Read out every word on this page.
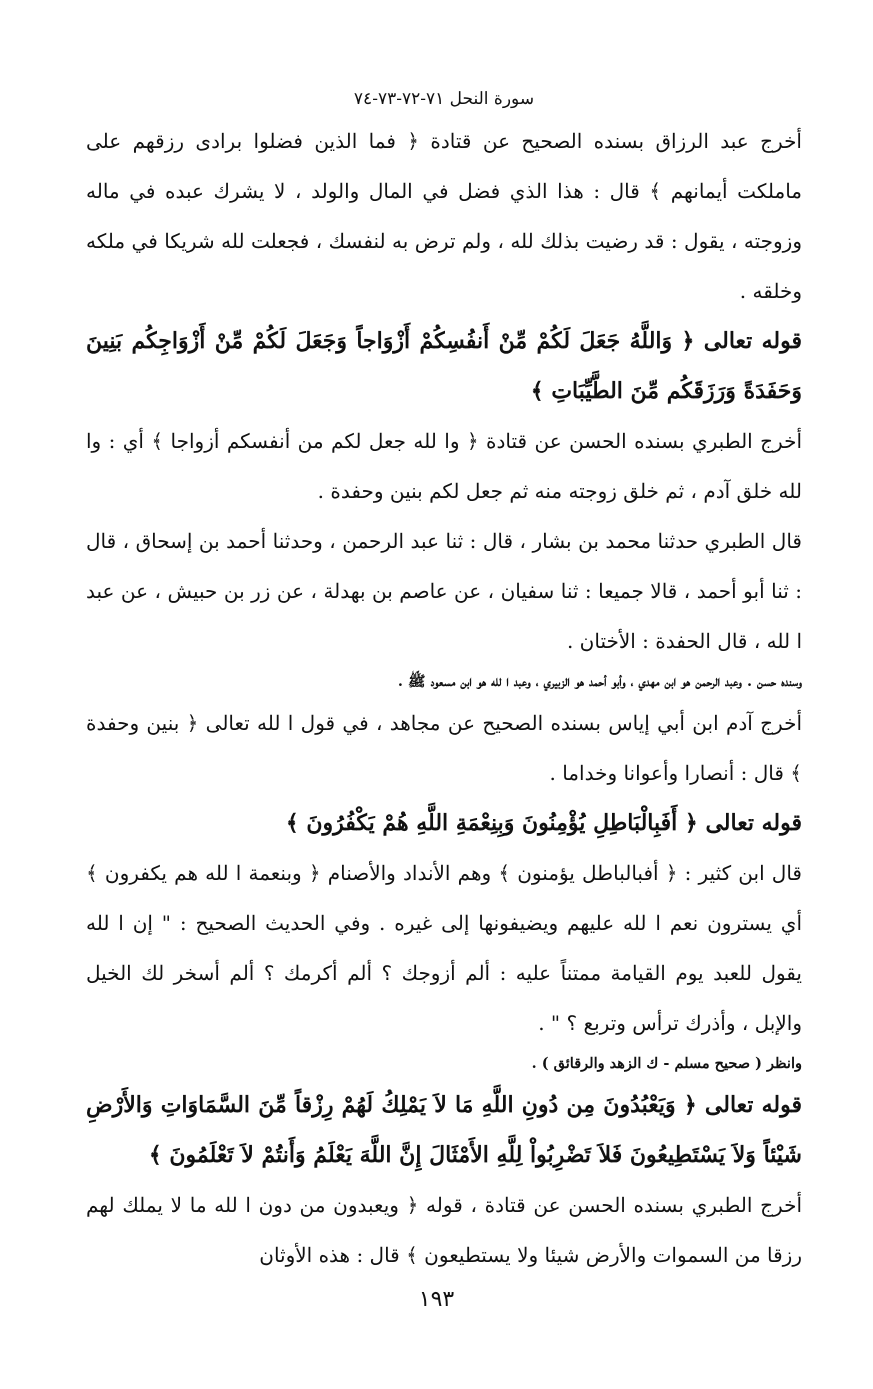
سورة النحل ٧١-٧٢-٧٣-٧٤

أخرج عبد الرزاق بسنده الصحيح عن قتادة ﴿ فما الذين فضلوا برادى رزقهم على ماملكت أيمانهم ﴾ قال : هذا الذي فضل في المال والولد ، لا يشرك عبده في ماله وزوجته ، يقول : قد رضيت بذلك لله ، ولم ترض به لنفسك ، فجعلت لله شريكا في ملكه وخلقه .

قوله تعالى ﴿ وَاللَّهُ جَعَلَ لَكُمْ مِّنْ أَنفُسِكُمْ أَزْوَاجاً وَجَعَلَ لَكُمْ مِّنْ أَزْوَاجِكُم بَنِينَ وَحَفَدَةً وَرَزَقَكُم مِّنَ الطَّيِّبَاتِ ﴾

أخرج الطبري بسنده الحسن عن قتادة ﴿ وا لله جعل لكم من أنفسكم أزواجا ﴾ أي : وا لله خلق آدم ، ثم خلق زوجته منه ثم جعل لكم بنين وحفدة .

قال الطبري حدثنا محمد بن بشار ، قال : ثنا عبد الرحمن ، وحدثنا أحمد بن إسحاق ، قال : ثنا أبو أحمد ، قالا جميعا : ثنا سفيان ، عن عاصم بن بهدلة ، عن زر بن حبيش ، عن عبد ا لله ، قال الحفدة : الأختان .

وسنده حسن . وعبد الرحمن هو ابن مهدي ، وأبو أحمد هو الزبيري ، وعبد ا لله هو ابن مسعود ﷺ .

أخرج آدم ابن أبي إياس بسنده الصحيح عن مجاهد ، في قول ا لله تعالى ﴿ بنين وحفدة ﴾ قال : أنصارا وأعوانا وخداما .

قوله تعالى ﴿ أَفَبِالْبَاطِلِ يُؤْمِنُونَ وَبِنِعْمَةِ اللَّهِ هُمْ يَكْفُرُونَ ﴾

قال ابن كثير : ﴿ أفبالباطل يؤمنون ﴾ وهم الأنداد والأصنام ﴿ وبنعمة ا لله هم يكفرون ﴾ أي يسترون نعم ا لله عليهم ويضيفونها إلى غيره . وفي الحديث الصحيح : " إن ا لله يقول للعبد يوم القيامة ممتناً عليه : ألم أزوجك ؟ ألم أكرمك ؟ ألم أسخر لك الخيل والإبل ، وأذرك ترأس وتربع ؟ " .

وانظر ( صحيح مسلم - ك الزهد والرقائق ) .

قوله تعالى ﴿ وَيَعْبُدُونَ مِن دُونِ اللَّهِ مَا لاَ يَمْلِكُ لَهُمْ رِزْقاً مِّنَ السَّمَاوَاتِ وَالأَرْضِ شَيْئاً وَلاَ يَسْتَطِيعُونَ فَلاَ تَضْرِبُواْ لِلَّهِ الأَمْثَالَ إِنَّ اللَّهَ يَعْلَمُ وَأَنتُمْ لاَ تَعْلَمُونَ ﴾

أخرج الطبري بسنده الحسن عن قتادة ، قوله ﴿ ويعبدون من دون ا لله ما لا يملك لهم رزقا من السموات والأرض شيئا ولا يستطيعون ﴾ قال : هذه الأوثان

١٩٣
